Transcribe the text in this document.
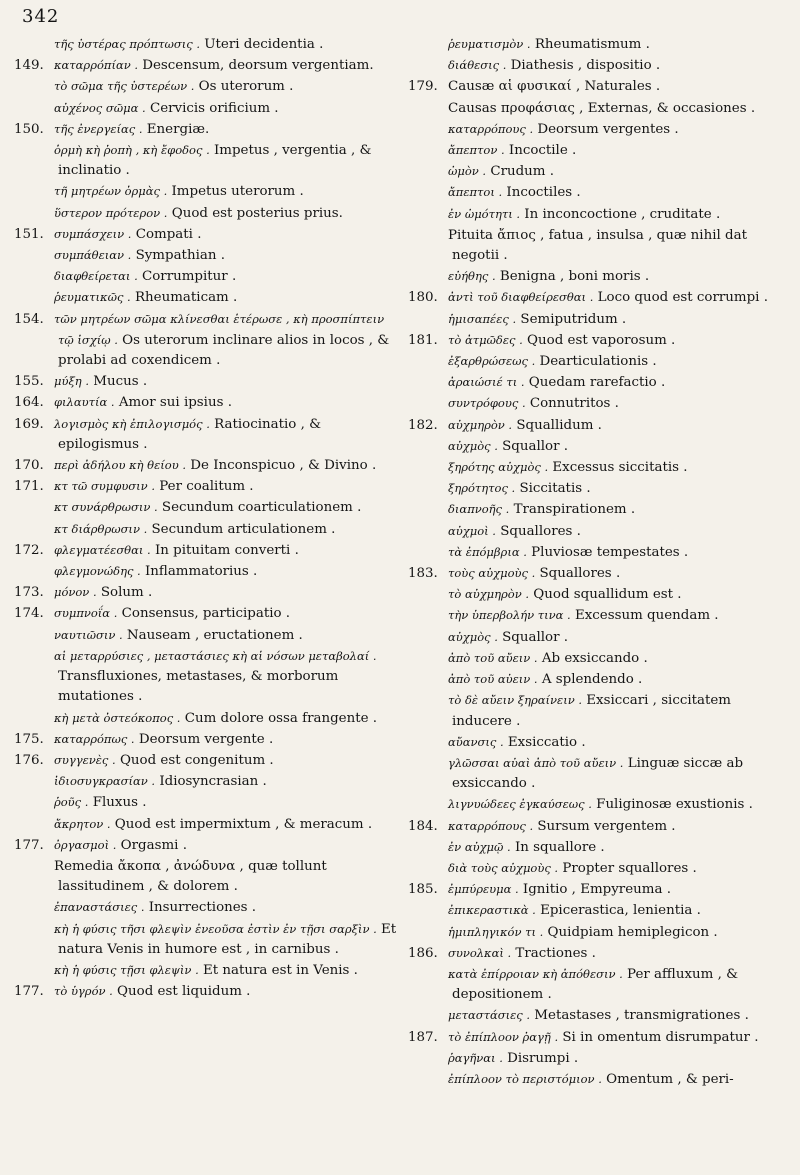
342
τῆς ὑστέρας πρόπτωσις . Uteri decidentia .
149. καταρρόπίαν . Descensum, deorsum vergentiam.
τὸ σῶμα τῆς ὑστερέων . Os uterorum .
αὐχένος σῶμα . Cervicis orificium .
150. τῆς ἐνεργείας . Energiæ.
ὁρμὴ κὴ ῥοπὴ , κὴ ἔφοδος . Impetus , vergentia , & inclinatio .
τῆ μητρέων ὁρμὰς . Impetus uterorum .
ὕστερον πρότερον . Quod est posterius prius.
151. συμπάσχειν . Compati .
συμπάθειαν . Sympathian .
διαφθείρεται . Corrumpitur .
ῥευματικῶς . Rheumaticam .
154. τῶν μητρέων σῶμα κλίνεσθαι ἑτέρωσε , κὴ προσπίπτειν τῷ ἰσχίῳ . Os uterorum inclinare alios in locos , & prolabi ad coxendicem .
155. μύξη . Mucus .
164. φιλαυτία . Amor sui ipsius .
169. λογισμὸς κὴ ἐπιλογισμός . Ratiocinatio , & epilogismus .
170. περὶ ἀδήλου κὴ θείου . De Inconspicuo , & Divino .
171. κτ τῶ συμφυσιν . Per coalitum .
κτ συνάρθρωσιν . Secundum coarticulationem .
κτ διάρθρωσιν . Secundum articulationem .
172. φλεγματέεσθαι . In pituitam converti .
φλεγμονώδης . Inflammatorius .
173. μόνον . Solum .
174. συμπνοΐα . Consensus, participatio .
ναυτιῶσιν . Nauseam , eructationem .
αἱ μεταρρύσιες , μεταστάσιες κὴ αἱ νόσων μεταβολαί . Transfluxiones, metastases, & morborum mutationes .
κὴ μετὰ ὀστεόκοπος . Cum dolore ossa frangente .
175. καταρρόπως . Deorsum vergente .
176. συγγενὲς . Quod est congenitum .
ἰδιοσυγκρασίαν . Idiosyncrasian .
ῥοῦς . Fluxus .
ἄκρητον . Quod est impermixtum , & meracum .
177. ὀργασμοὶ . Orgasmi .
Remedia ἄκοπα , ἀνώδυνα , quæ tollunt lassitudinem , & dolorem .
ἐπαναστάσιες . Insurrectiones .
κὴ ἡ φύσις τῆσι φλεψὶν ἐνεοῦσα ἐστὶν ἐν τῇσι σαρξὶν . Et natura Venis in humore est , in carnibus .
κὴ ἡ φύσις τῇσι φλεψὶν . Et natura est in Venis .
177. τὸ ὑγρόν . Quod est liquidum .
ῥευματισμὸν . Rheumatismum .
διάθεσις . Diathesis , dispositio .
179. Causæ αἱ φυσικαί , Naturales .
Causas προφάσιας , Externas, & occasiones .
καταρρόπους . Deorsum vergentes .
ἄπεπτον . Incoctile .
ὠμὸν . Crudum .
ἄπεπτοι . Incoctiles .
ἐν ὠμότητι . In inconcoctione , cruditate .
Pituita ἄπιος , fatua , insulsa , quæ nihil dat negotii .
εὐήθης . Benigna , boni moris .
180. ἀντὶ τοῦ διαφθείρεσθαι . Loco quod est corrumpi .
ἡμισαπέες . Semiputridum .
181. τὸ ἀτμῶδες . Quod est vaporosum .
ἐξαρθρώσεως . Dearticulationis .
ἀραιώσιέ τι . Quedam rarefactio .
συντρόφους . Connutritos .
182. αὐχμηρὸν . Squallidum .
αὐχμὸς . Squallor .
ξηρότης αὐχμὸς . Excessus siccitatis .
ξηρότητος . Siccitatis .
διαπνοῆς . Transpirationem .
αὐχμοὶ . Squallores .
τὰ ἐπόμβρια . Pluviosæ tempestates .
183. τοὺς αὐχμοὺς . Squallores .
τὸ αὐχμηρὸν . Quod squallidum est .
τὴν ὑπερβολήν τινα . Excessum quendam .
αὐχμὸς . Squallor .
ἀπὸ τοῦ αὔειν . Ab exsiccando .
ἀπὸ τοῦ αὐειν . A splendendo .
τὸ δὲ αὔειν ξηραίνειν . Exsiccari , siccitatem inducere .
αὔανσις . Exsiccatio .
γλῶσσαι αὐαὶ ἀπὸ τοῦ αὔειν . Linguæ siccæ ab exsiccando .
λιγνυώδεες ἐγκαύσεως . Fuliginosæ exustionis .
184. καταρρόπους . Sursum vergentem .
ἐν αὐχμῷ . In squallore .
διὰ τοὺς αὐχμοὺς . Propter squallores .
185. ἐμπύρευμα . Ignitio , Empyreuma .
ἐπικεραστικὰ . Epicerastica, lenientia .
ἡμιπληγικόν τι . Quidpiam hemiplegicon .
186. συνολκαὶ . Tractiones .
κατὰ ἐπίρροιαν κὴ ἀπόθεσιν . Per affluxum , & depositionem .
μεταστάσιες . Metastases , transmigrationes .
187. τὸ ἐπίπλοον ῥαγῇ . Si in omentum disrumpatur .
ῥαγῆναι . Disrumpi .
ἐπίπλοον τὸ περιστόμιον . Omentum , & peri-
